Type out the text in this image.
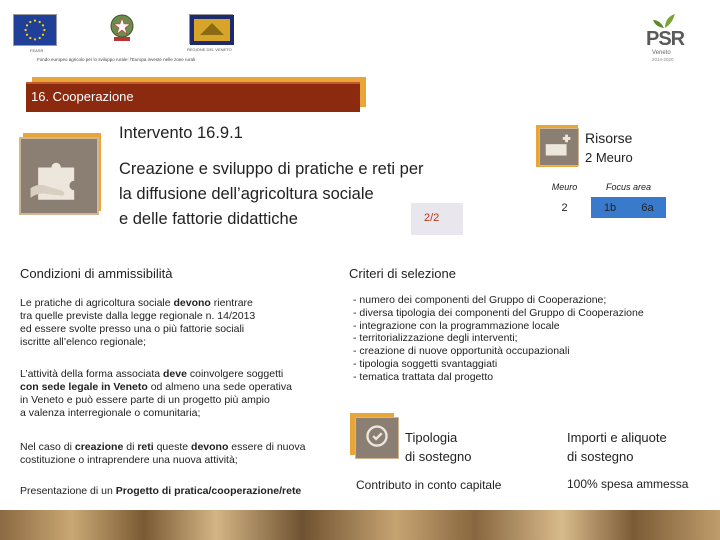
FEASR	REGIONE DEL VENETO
Fondo europeo agricolo per lo sviluppo rurale: l'Europa investe nelle zone rurali
PSR
Veneto
2014-2020
16. Cooperazione
Intervento 16.9.1
Creazione e sviluppo di pratiche e reti per
la diffusione dell’agricoltura sociale
e delle fattorie didattiche	2/2
Risorse
2 Meuro
Meuro	Focus area	
2	1b	6a
Condizioni di ammissibilità
Le pratiche di agricoltura sociale devono rientrare
tra quelle previste dalla legge regionale n. 14/2013
ed essere svolte presso una o più fattorie sociali
iscritte all’elenco regionale;
L’attività della forma associata deve coinvolgere soggetti
con sede legale in Veneto od almeno una sede operativa
in Veneto e può essere parte di un progetto più ampio
a valenza interregionale o comunitaria;
Nel caso di creazione di reti queste devono essere di nuova
costituzione o intraprendere una nuova attività;
Presentazione di un Progetto di pratica/cooperazione/rete
Criteri di selezione
- numero dei componenti del Gruppo di Cooperazione;
- diversa tipologia dei componenti del Gruppo di Cooperazione
- integrazione con la programmazione locale
- territorializzazione degli interventi;
- creazione di nuove opportunità occupazionali
- tipologia soggetti svantaggiati
- tematica trattata dal progetto
Tipologia
di sostegno
Importi e aliquote
di sostegno
Contributo in conto capitale	100% spesa ammessa
